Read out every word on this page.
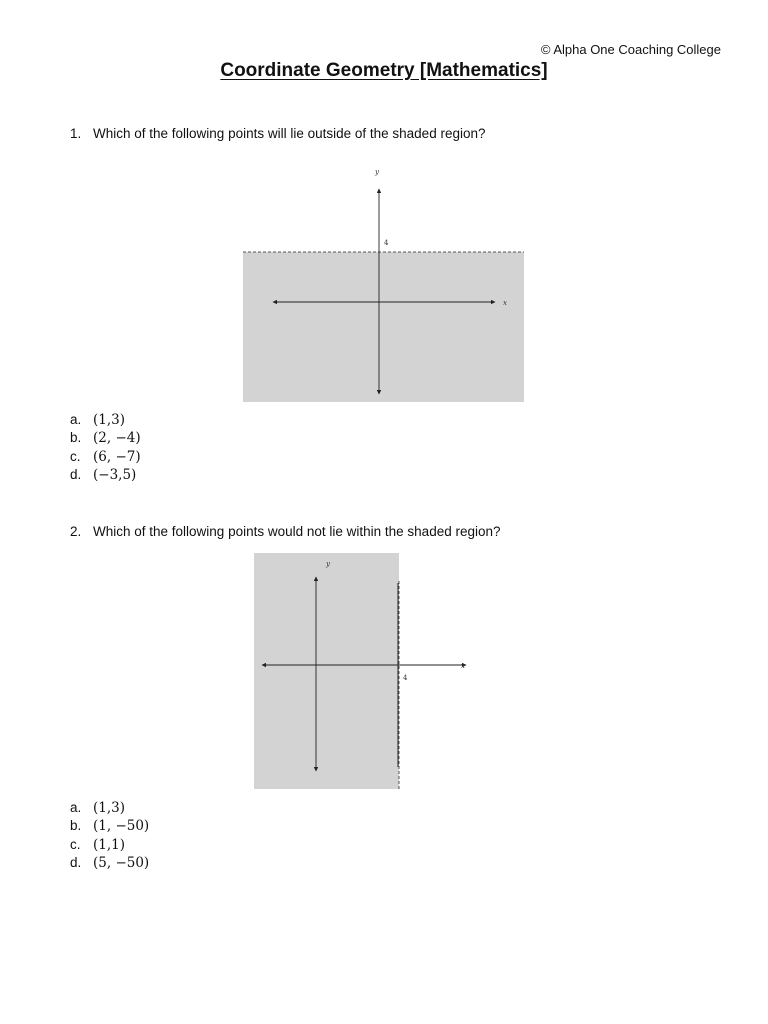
© Alpha One Coaching College
Coordinate Geometry [Mathematics]
1. Which of the following points will lie outside of the shaded region?
y
x
4
a. (1,3)
b. (2, −4)
c. (6, −7)
d. (−3,5)
2. Which of the following points would not lie within the shaded region?
y
x
4
a. (1,3)
b. (1, −50)
c. (1,1)
d. (5, −50)
